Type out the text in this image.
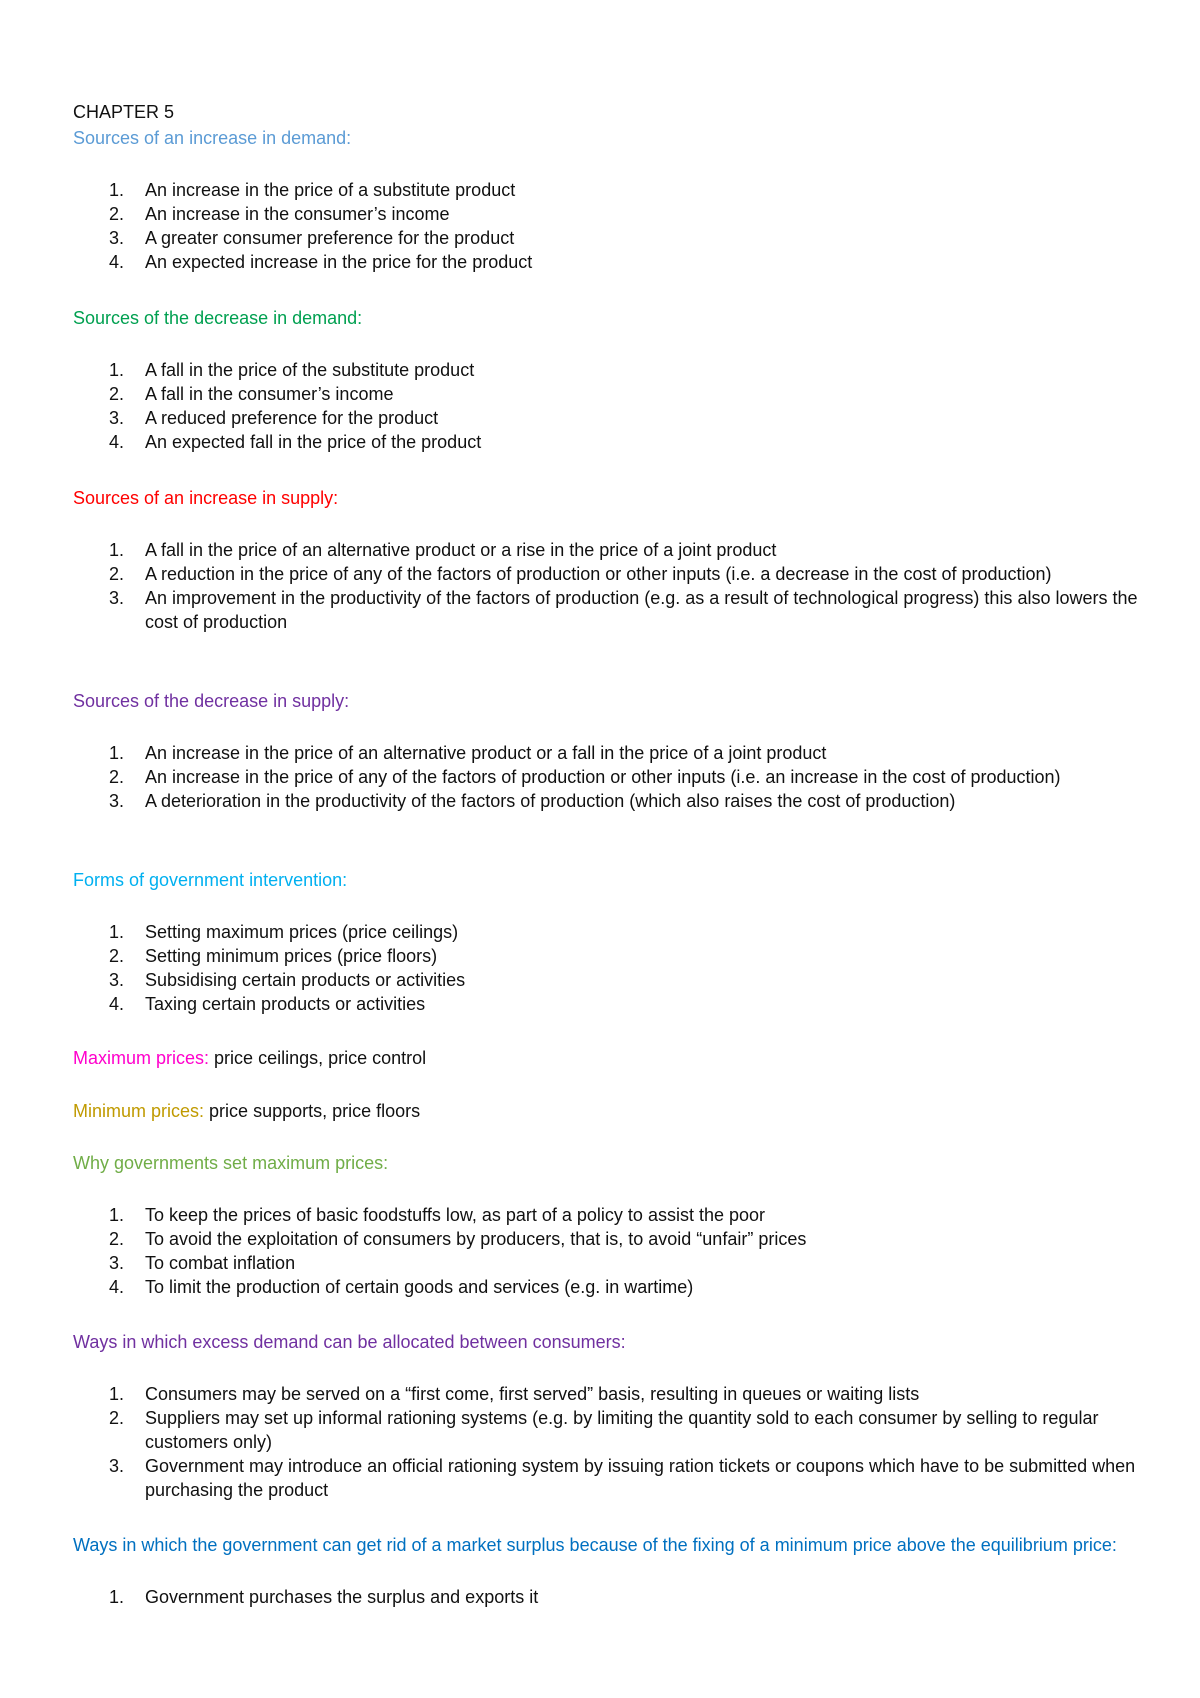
CHAPTER 5
Sources of an increase in demand:
1. An increase in the price of a substitute product
2. An increase in the consumer’s income
3. A greater consumer preference for the product
4. An expected increase in the price for the product
Sources of the decrease in demand:
1. A fall in the price of the substitute product
2. A fall in the consumer’s income
3. A reduced preference for the product
4. An expected fall in the price of the product
Sources of an increase in supply:
1. A fall in the price of an alternative product or a rise in the price of a joint product
2. A reduction in the price of any of the factors of production or other inputs (i.e. a decrease in the cost of production)
3. An improvement in the productivity of the factors of production (e.g. as a result of technological progress) this also lowers the cost of production
Sources of the decrease in supply:
1. An increase in the price of an alternative product or a fall in the price of a joint product
2. An increase in the price of any of the factors of production or other inputs (i.e. an increase in the cost of production)
3. A deterioration in the productivity of the factors of production (which also raises the cost of production)
Forms of government intervention:
1. Setting maximum prices (price ceilings)
2. Setting minimum prices (price floors)
3. Subsidising certain products or activities
4. Taxing certain products or activities
Maximum prices: price ceilings, price control
Minimum prices: price supports, price floors
Why governments set maximum prices:
1. To keep the prices of basic foodstuffs low, as part of a policy to assist the poor
2. To avoid the exploitation of consumers by producers, that is, to avoid “unfair” prices
3. To combat inflation
4. To limit the production of certain goods and services (e.g. in wartime)
Ways in which excess demand can be allocated between consumers:
1. Consumers may be served on a “first come, first served” basis, resulting in queues or waiting lists
2. Suppliers may set up informal rationing systems (e.g. by limiting the quantity sold to each consumer by selling to regular customers only)
3. Government may introduce an official rationing system by issuing ration tickets or coupons which have to be submitted when purchasing the product
Ways in which the government can get rid of a market surplus because of the fixing of a minimum price above the equilibrium price:
1. Government purchases the surplus and exports it
